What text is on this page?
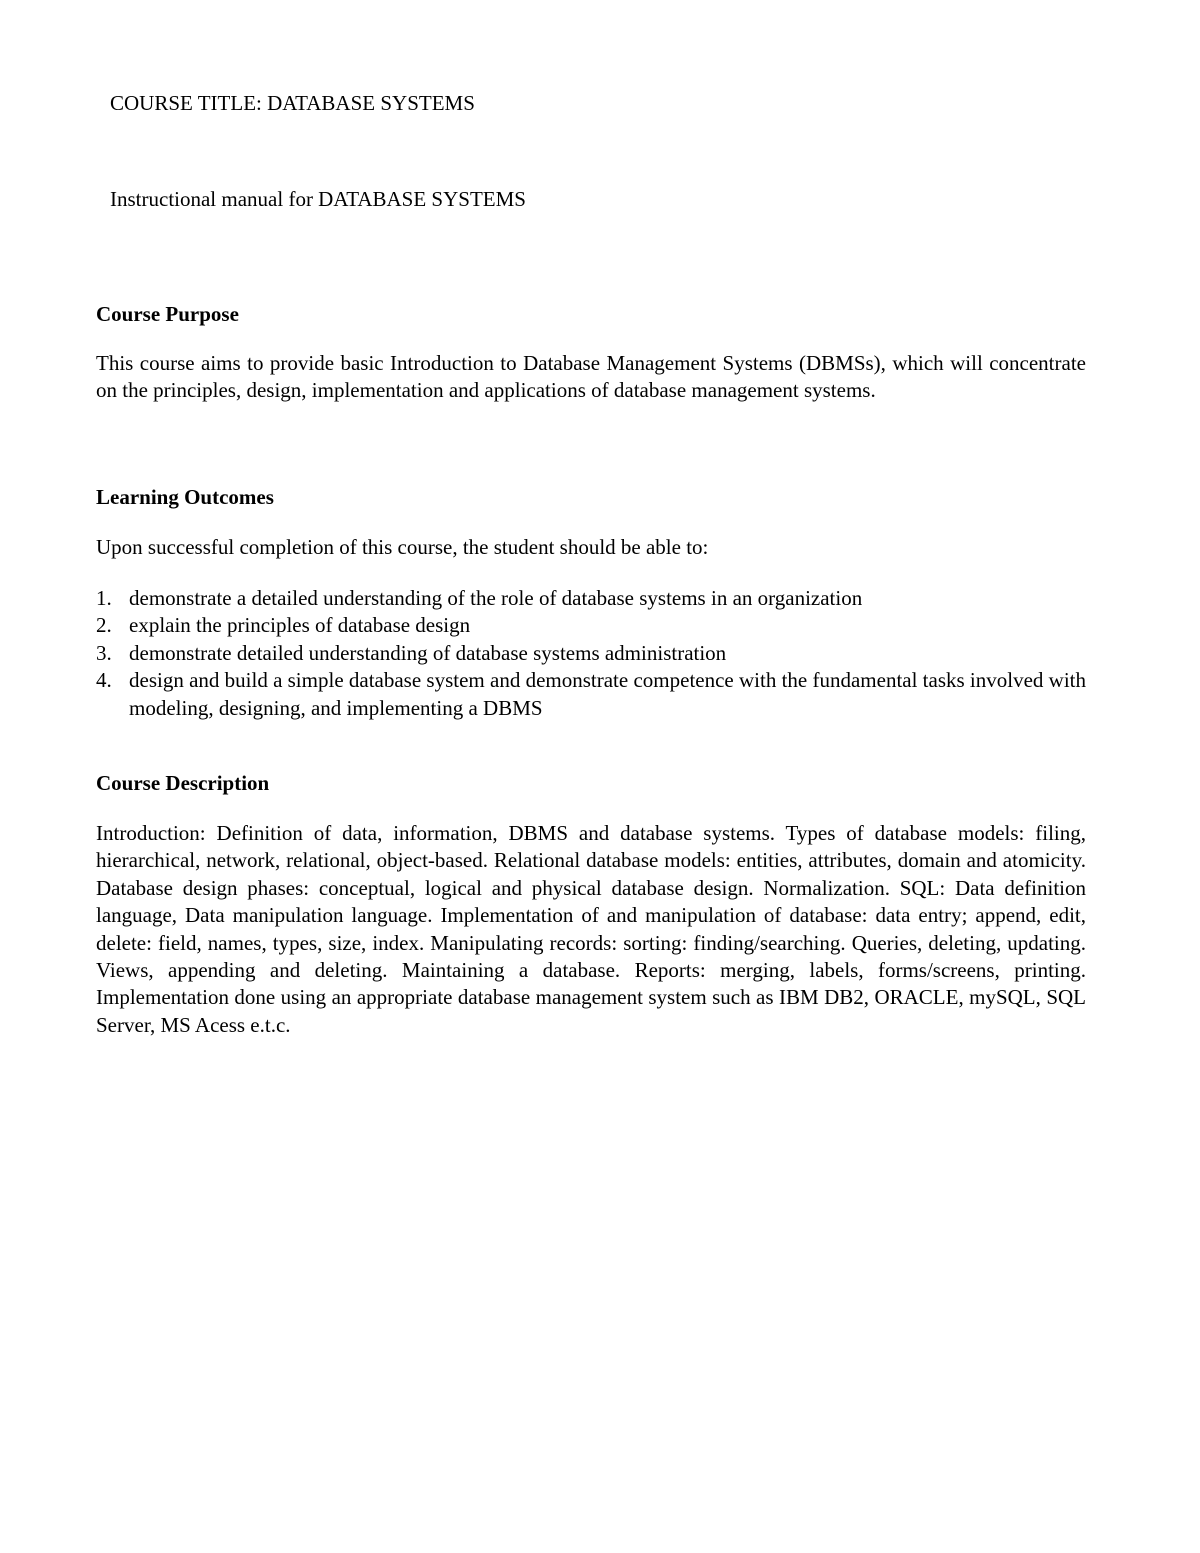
COURSE TITLE: DATABASE SYSTEMS
Instructional manual for DATABASE SYSTEMS
Course Purpose
This course aims to provide basic Introduction to Database Management Systems (DBMSs), which will concentrate on the principles, design, implementation and applications of database management systems.
Learning Outcomes
Upon successful completion of this course, the student should be able to:
1. demonstrate a detailed understanding of the role of database systems in an organization
2. explain the principles of database design
3. demonstrate detailed understanding of database systems administration
4. design and build a simple database system and demonstrate competence with the fundamental tasks involved with modeling, designing, and implementing a DBMS
Course Description
Introduction: Definition of data, information, DBMS and database systems. Types of database models: filing, hierarchical, network, relational, object-based. Relational database models: entities, attributes, domain and atomicity. Database design phases: conceptual, logical and physical database design. Normalization. SQL: Data definition language, Data manipulation language. Implementation of and manipulation of database: data entry; append, edit, delete: field, names, types, size, index. Manipulating records: sorting: finding/searching. Queries, deleting, updating. Views, appending and deleting. Maintaining a database. Reports: merging, labels, forms/screens, printing. Implementation done using an appropriate database management system such as IBM DB2, ORACLE, mySQL, SQL Server, MS Acess e.t.c.
